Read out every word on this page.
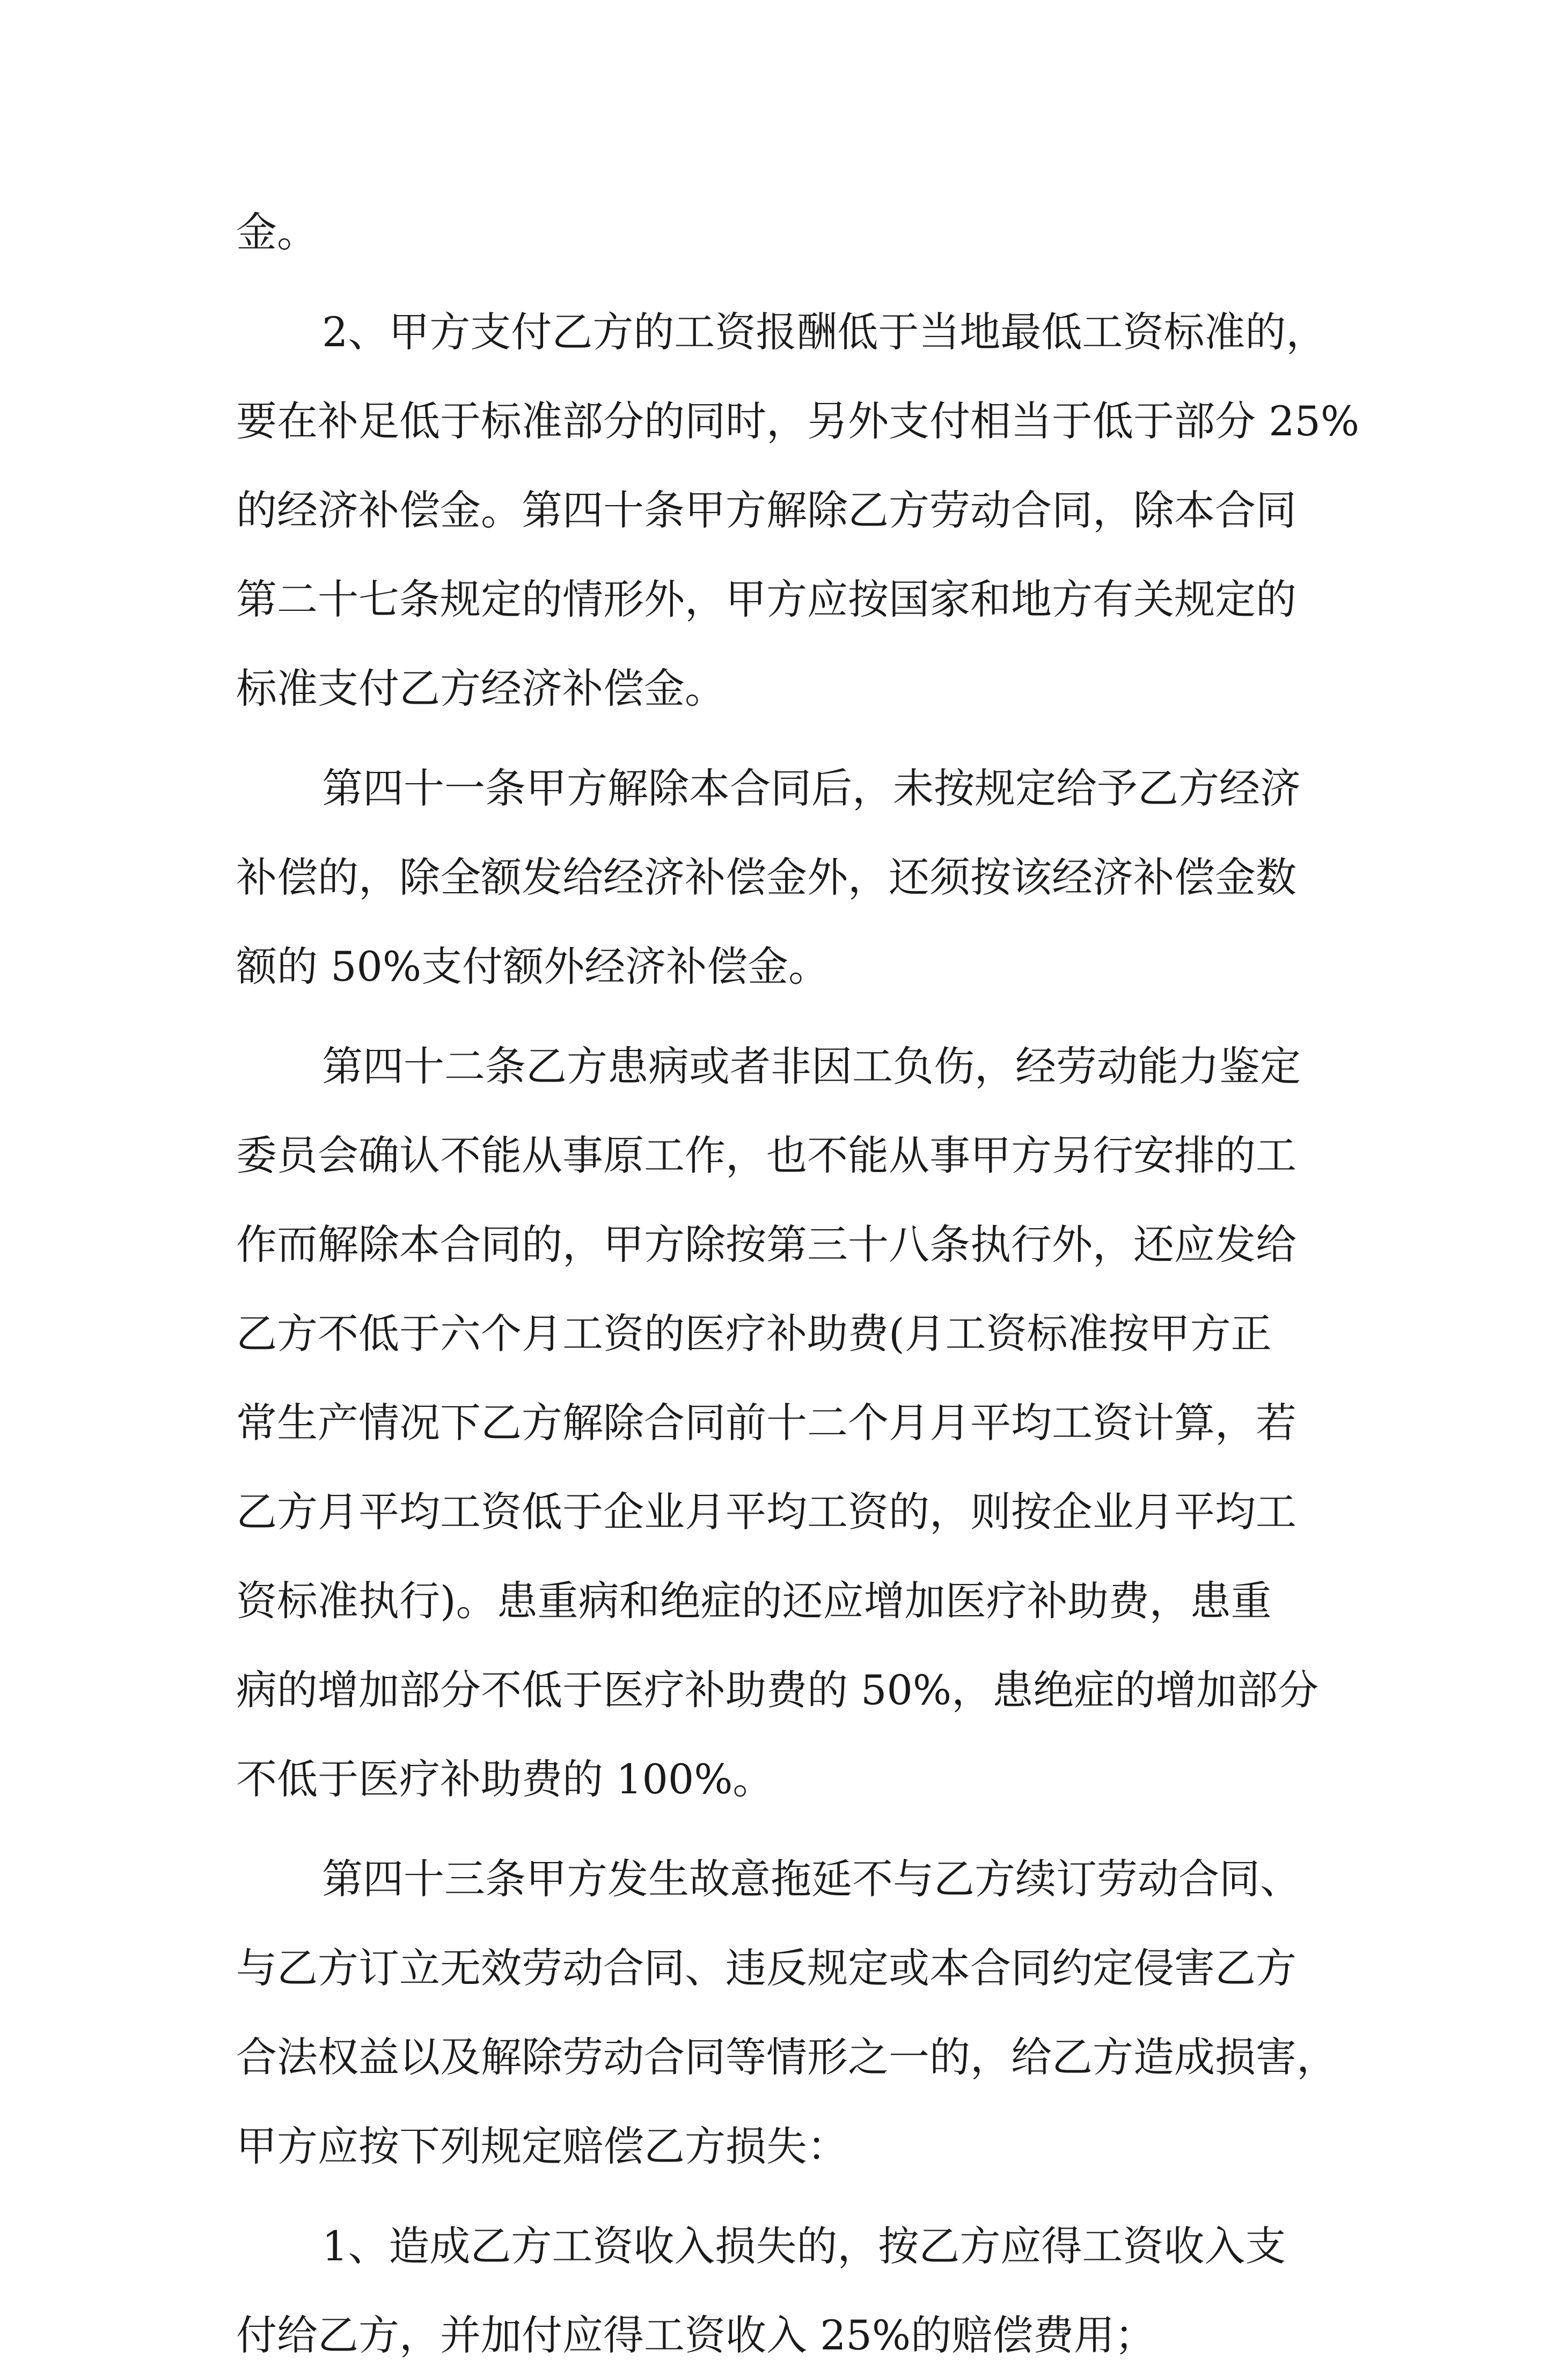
金。
2、甲方支付乙方的工资报酬低于当地最低工资标准的，
要在补足低于标准部分的同时，另外支付相当于低于部分 25%
的经济补偿金。第四十条甲方解除乙方劳动合同，除本合同
第二十七条规定的情形外，甲方应按国家和地方有关规定的
标准支付乙方经济补偿金。
第四十一条甲方解除本合同后，未按规定给予乙方经济
补偿的，除全额发给经济补偿金外，还须按该经济补偿金数
额的 50%支付额外经济补偿金。
第四十二条乙方患病或者非因工负伤，经劳动能力鉴定
委员会确认不能从事原工作，也不能从事甲方另行安排的工
作而解除本合同的，甲方除按第三十八条执行外，还应发给
乙方不低于六个月工资的医疗补助费(月工资标准按甲方正
常生产情况下乙方解除合同前十二个月月平均工资计算，若
乙方月平均工资低于企业月平均工资的，则按企业月平均工
资标准执行)。患重病和绝症的还应增加医疗补助费，患重
病的增加部分不低于医疗补助费的 50%，患绝症的增加部分
不低于医疗补助费的 100%。
第四十三条甲方发生故意拖延不与乙方续订劳动合同、
与乙方订立无效劳动合同、违反规定或本合同约定侵害乙方
合法权益以及解除劳动合同等情形之一的，给乙方造成损害，
甲方应按下列规定赔偿乙方损失：
1、造成乙方工资收入损失的，按乙方应得工资收入支
付给乙方，并加付应得工资收入 25%的赔偿费用；
